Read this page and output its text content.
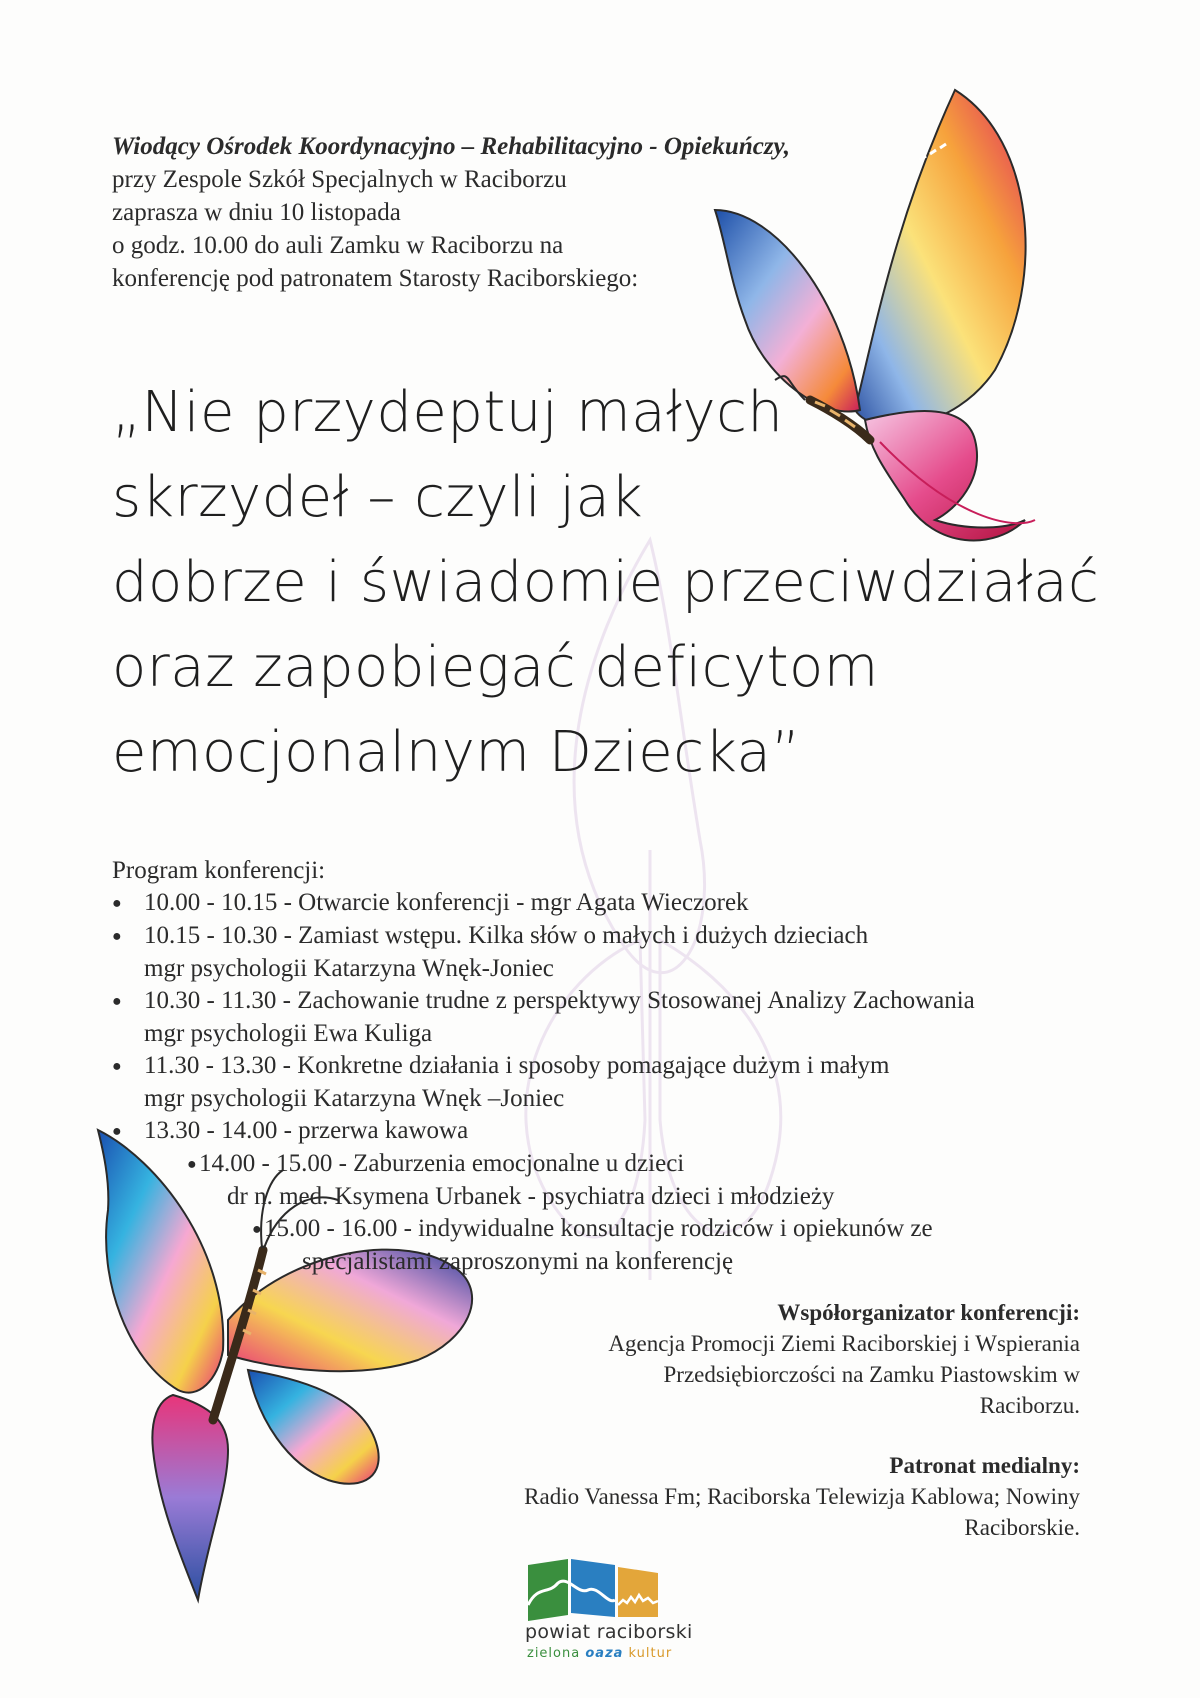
Wiodący Ośrodek Koordynacyjno – Rehabilitacyjno - Opiekuńczy,
przy Zespole Szkół Specjalnych w Raciborzu
zaprasza w dniu 10 listopada
o godz. 10.00 do auli Zamku w Raciborzu na
konferencję pod patronatem Starosty Raciborskiego:
„Nie przydeptuj małych
skrzydeł – czyli jak
dobrze i świadomie przeciwdziałać
oraz zapobiegać deficytom
emocjonalnym Dziecka”
Program konferencji:
● 10.00 - 10.15 - Otwarcie konferencji - mgr Agata Wieczorek
● 10.15 - 10.30 - Zamiast wstępu. Kilka słów o małych i dużych dzieciach
mgr psychologii Katarzyna Wnęk-Joniec
● 10.30 - 11.30 - Zachowanie trudne z perspektywy Stosowanej Analizy Zachowania
mgr psychologii Ewa Kuliga
● 11.30 - 13.30 - Konkretne działania i sposoby pomagające dużym i małym
mgr psychologii Katarzyna Wnęk –Joniec
● 13.30 - 14.00 - przerwa kawowa
●14.00 - 15.00 - Zaburzenia emocjonalne u dzieci
dr n. med. Ksymena Urbanek - psychiatra dzieci i młodzieży
●15.00 - 16.00 - indywidualne konsultacje rodziców i opiekunów ze
specjalistami zaproszonymi na konferencję
Współorganizator konferencji:
Agencja Promocji Ziemi Raciborskiej i Wspierania
Przedsiębiorczości na Zamku Piastowskim w
Raciborzu.
Patronat medialny:
Radio Vanessa Fm; Raciborska Telewizja Kablowa; Nowiny
Raciborskie.
powiat raciborski
zielona oaza kultur
